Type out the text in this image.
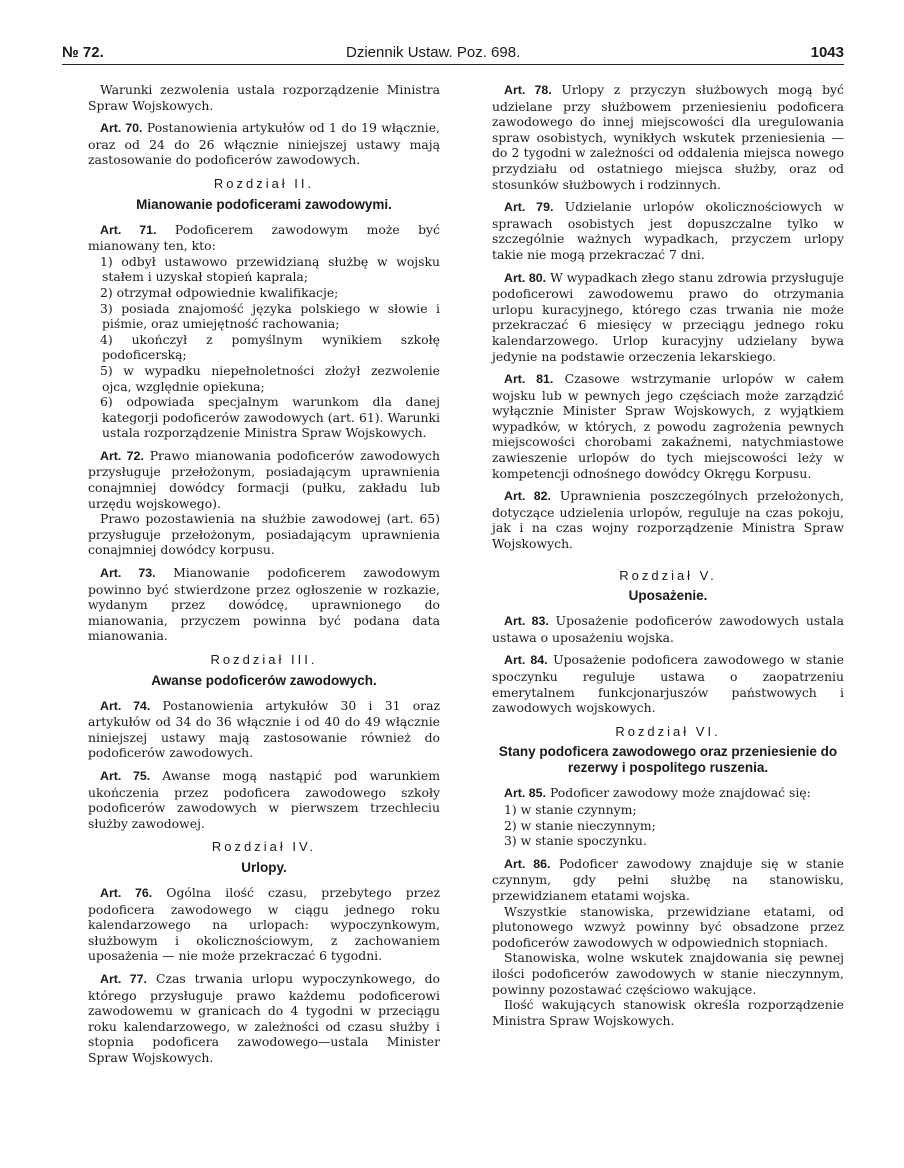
№ 72.	Dziennik Ustaw. Poz. 698.	1043

Warunki zezwolenia ustala rozporządzenie Ministra Spraw Wojskowych.

Art. 70. Postanowienia artykułów od 1 do 19 włącznie, oraz od 24 do 26 włącznie niniejszej ustawy mają zastosowanie do podoficerów zawodowych.

Rozdział II.
Mianowanie podoficerami zawodowymi.

Art. 71. Podoficerem zawodowym może być mianowany ten, kto:

1) odbył ustawowo przewidzianą służbę w wojsku stałem i uzyskał stopień kaprala;

2) otrzymał odpowiednie kwalifikacje;

3) posiada znajomość języka polskiego w słowie i piśmie, oraz umiejętność rachowania;

4) ukończył z pomyślnym wynikiem szkołę podoficerską;

5) w wypadku niepełnoletności złożył zezwolenie ojca, względnie opiekuna;

6) odpowiada specjalnym warunkom dla danej kategorji podoficerów zawodowych (art. 61). Warunki ustala rozporządzenie Ministra Spraw Wojskowych.

Art. 72. Prawo mianowania podoficerów zawodowych przysługuje przełożonym, posiadającym uprawnienia conajmniej dowódcy formacji (pułku, zakładu lub urzędu wojskowego).

Prawo pozostawienia na służbie zawodowej (art. 65) przysługuje przełożonym, posiadającym uprawnienia conajmniej dowódcy korpusu.

Art. 73. Mianowanie podoficerem zawodowym powinno być stwierdzone przez ogłoszenie w rozkazie, wydanym przez dowódcę, uprawnionego do mianowania, przyczem powinna być podana data mianowania.

Rozdział III.
Awanse podoficerów zawodowych.

Art. 74. Postanowienia artykułów 30 i 31 oraz artykułów od 34 do 36 włącznie i od 40 do 49 włącznie niniejszej ustawy mają zastosowanie również do podoficerów zawodowych.

Art. 75. Awanse mogą nastąpić pod warunkiem ukończenia przez podoficera zawodowego szkoły podoficerów zawodowych w pierwszem trzechleciu służby zawodowej.

Rozdział IV.
Urlopy.

Art. 76. Ogólna ilość czasu, przebytego przez podoficera zawodowego w ciągu jednego roku kalendarzowego na urlopach: wypoczynkowym, służbowym i okolicznościowym, z zachowaniem uposażenia — nie może przekraczać 6 tygodni.

Art. 77. Czas trwania urlopu wypoczynkowego, do którego przysługuje prawo każdemu podoficerowi zawodowemu w granicach do 4 tygodni w przeciągu roku kalendarzowego, w zależności od czasu służby i stopnia podoficera zawodowego—ustala Minister Spraw Wojskowych.

Art. 78. Urlopy z przyczyn służbowych mogą być udzielane przy służbowem przeniesieniu podoficera zawodowego do innej miejscowości dla uregulowania spraw osobistych, wynikłych wskutek przeniesienia — do 2 tygodni w zależności od oddalenia miejsca nowego przydziału od ostatniego miejsca służby, oraz od stosunków służbowych i rodzinnych.

Art. 79. Udzielanie urlopów okolicznościowych w sprawach osobistych jest dopuszczalne tylko w szczególnie ważnych wypadkach, przyczem urlopy takie nie mogą przekraczać 7 dni.

Art. 80. W wypadkach złego stanu zdrowia przysługuje podoficerowi zawodowemu prawo do otrzymania urlopu kuracyjnego, którego czas trwania nie może przekraczać 6 miesięcy w przeciągu jednego roku kalendarzowego. Urlop kuracyjny udzielany bywa jedynie na podstawie orzeczenia lekarskiego.

Art. 81. Czasowe wstrzymanie urlopów w całem wojsku lub w pewnych jego częściach może zarządzić wyłącznie Minister Spraw Wojskowych, z wyjątkiem wypadków, w których, z powodu zagrożenia pewnych miejscowości chorobami zakaźnemi, natychmiastowe zawieszenie urlopów do tych miejscowości leży w kompetencji odnośnego dowódcy Okręgu Korpusu.

Art. 82. Uprawnienia poszczególnych przełożonych, dotyczące udzielenia urlopów, reguluje na czas pokoju, jak i na czas wojny rozporządzenie Ministra Spraw Wojskowych.

Rozdział V.
Uposażenie.

Art. 83. Uposażenie podoficerów zawodowych ustala ustawa o uposażeniu wojska.

Art. 84. Uposażenie podoficera zawodowego w stanie spoczynku reguluje ustawa o zaopatrzeniu emerytalnem funkcjonarjuszów państwowych i zawodowych wojskowych.

Rozdział VI.
Stany podoficera zawodowego oraz przeniesienie do rezerwy i pospolitego ruszenia.

Art. 85. Podoficer zawodowy może znajdować się:

1) w stanie czynnym;

2) w stanie nieczynnym;

3) w stanie spoczynku.

Art. 86. Podoficer zawodowy znajduje się w stanie czynnym, gdy pełni służbę na stanowisku, przewidzianem etatami wojska.

Wszystkie stanowiska, przewidziane etatami, od plutonowego wzwyż powinny być obsadzone przez podoficerów zawodowych w odpowiednich stopniach.

Stanowiska, wolne wskutek znajdowania się pewnej ilości podoficerów zawodowych w stanie nieczynnym, powinny pozostawać częściowo wakujące.

Ilość wakujących stanowisk określa rozporządzenie Ministra Spraw Wojskowych.
